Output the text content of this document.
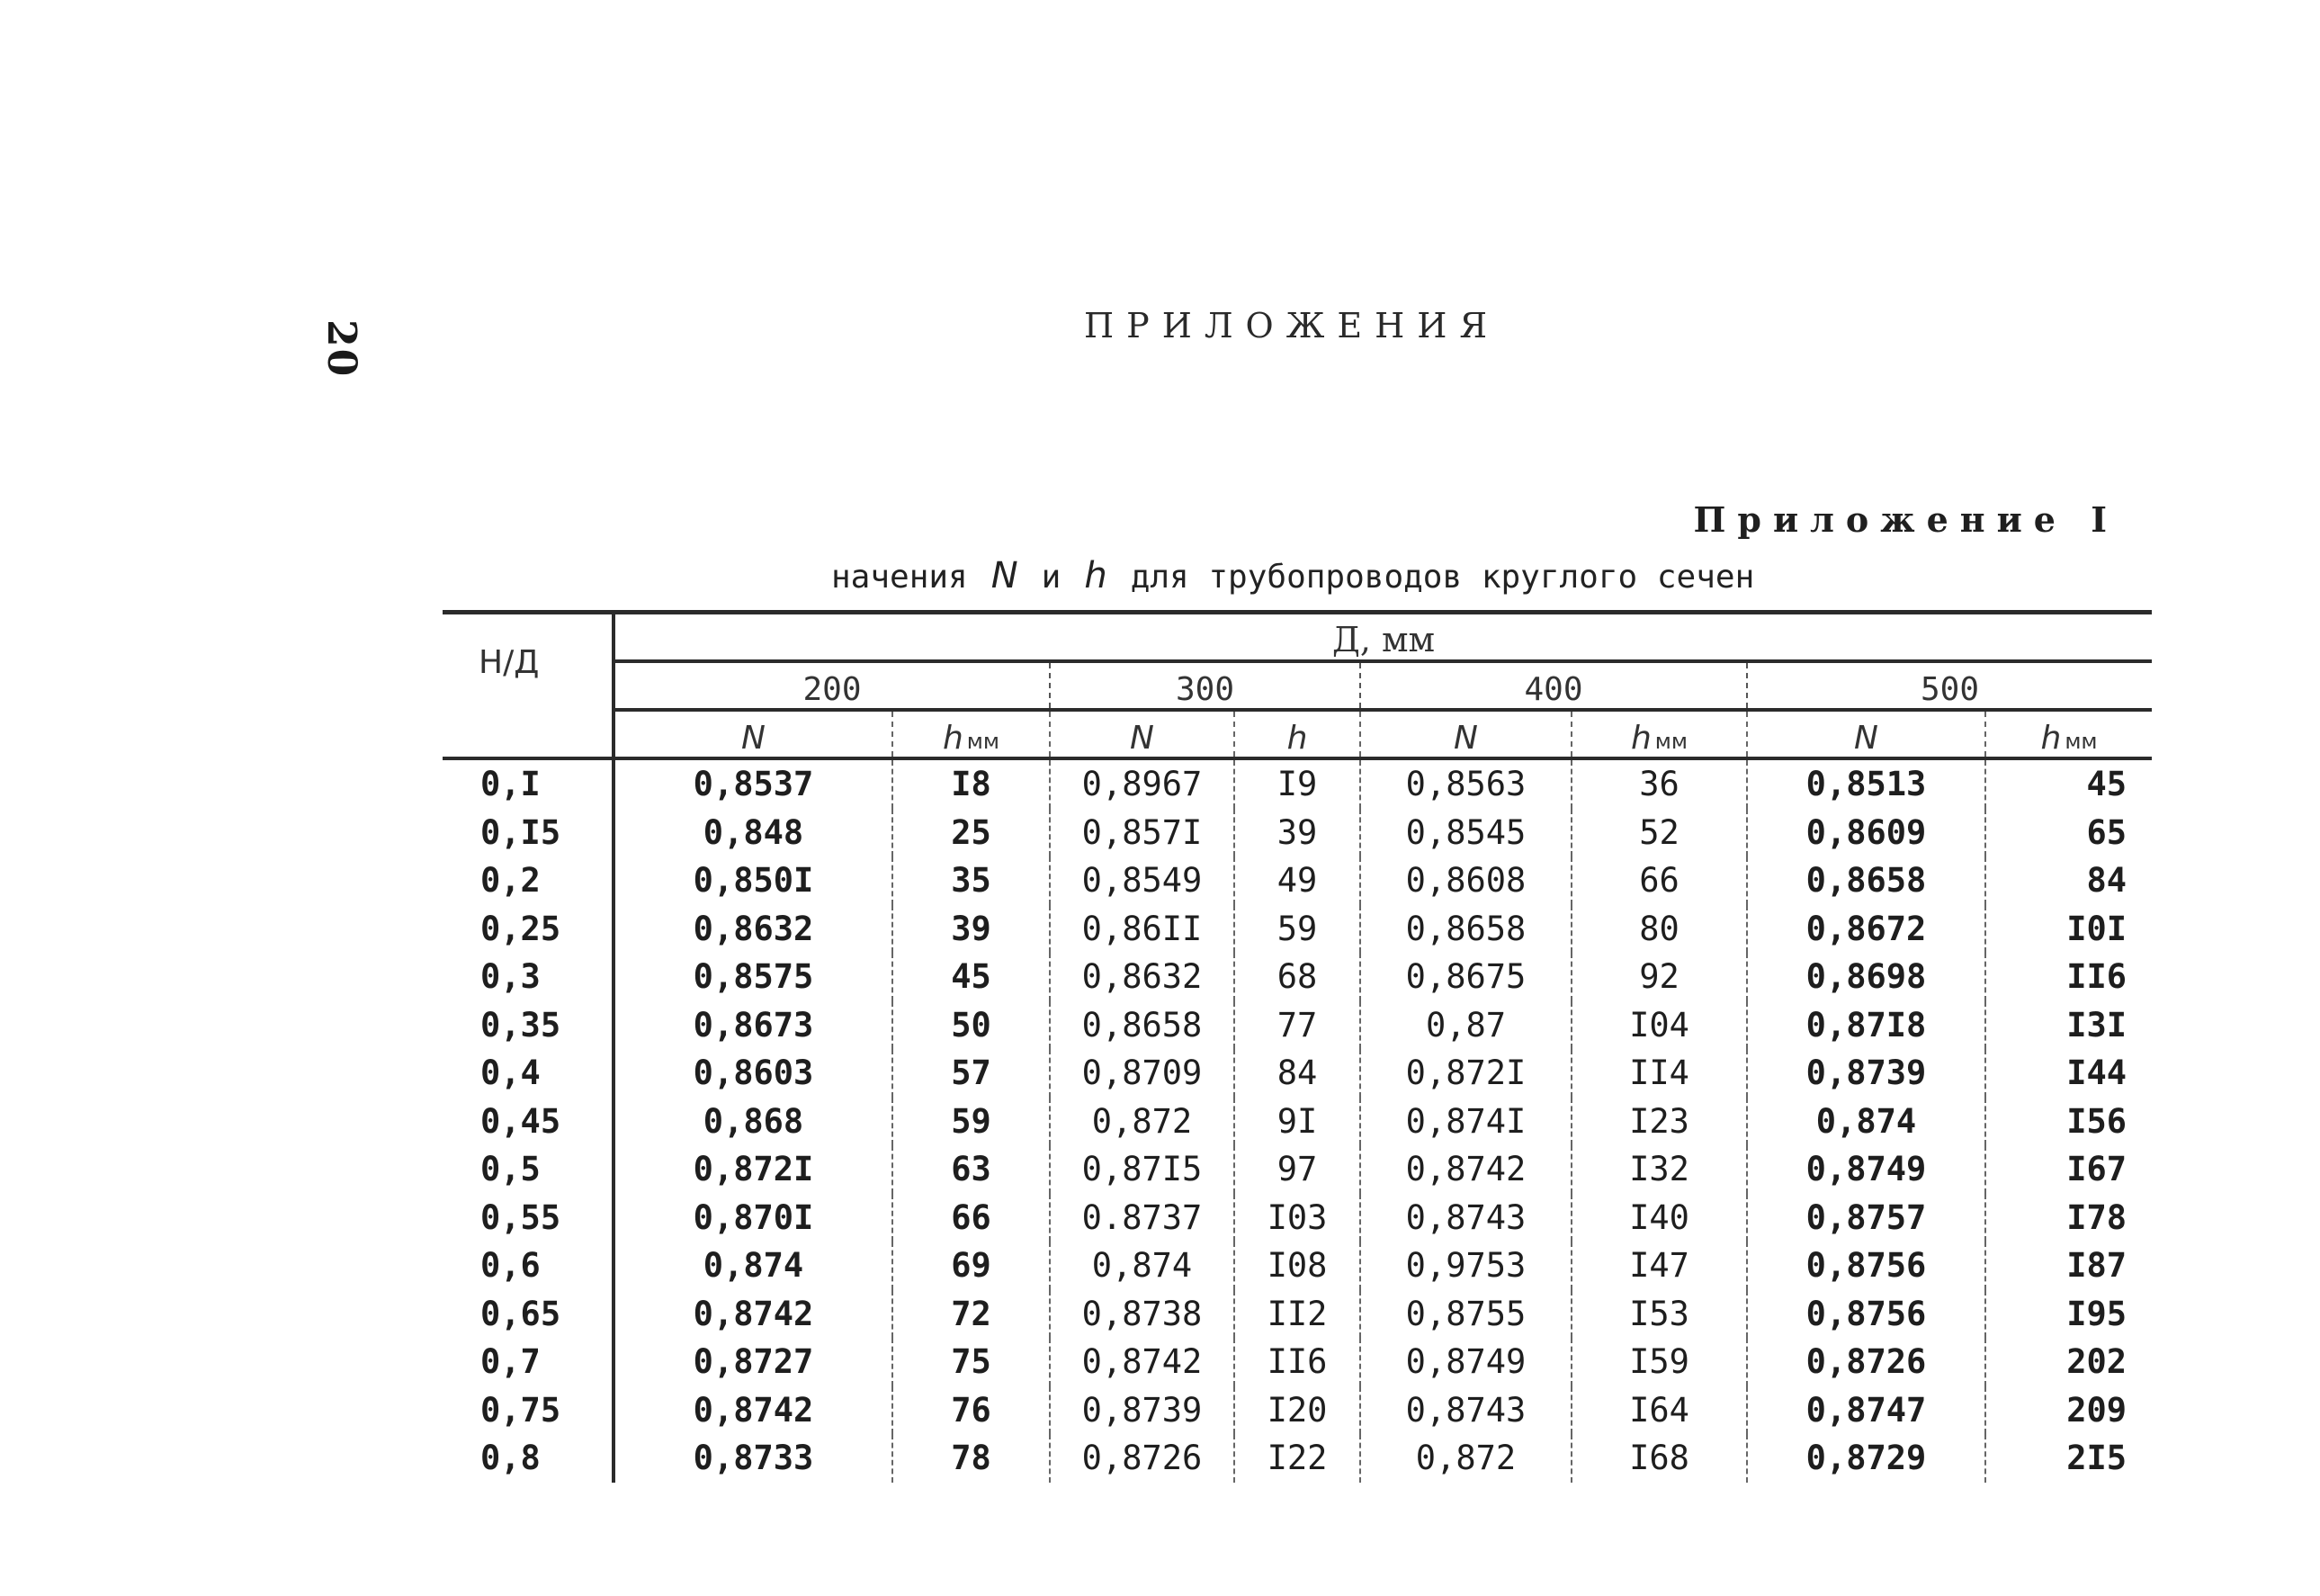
20	ПРИЛОЖЕНИЯ
Приложение I
начения N и h для трубопроводов круглого сечен
Н/Д	Д, мм							
	200		300		400		500	
	N	h мм	N	h	N	h мм	N	h мм
0,I	0,8537	I8	0,8967	I9	0,8563	36	0,8513	45
0,I5	0,848	25	0,857I	39	0,8545	52	0,8609	65
0,2	0,850I	35	0,8549	49	0,8608	66	0,8658	84
0,25	0,8632	39	0,86II	59	0,8658	80	0,8672	I0I
0,3	0,8575	45	0,8632	68	0,8675	92	0,8698	II6
0,35	0,8673	50	0,8658	77	0,87	I04	0,87I8	I3I
0,4	0,8603	57	0,8709	84	0,872I	II4	0,8739	I44
0,45	0,868	59	0,872	9I	0,874I	I23	0,874	I56
0,5	0,872I	63	0,87I5	97	0,8742	I32	0,8749	I67
0,55	0,870I	66	0.8737	I03	0,8743	I40	0,8757	I78
0,6	0,874	69	0,874	I08	0,9753	I47	0,8756	I87
0,65	0,8742	72	0,8738	II2	0,8755	I53	0,8756	I95
0,7	0,8727	75	0,8742	II6	0,8749	I59	0,8726	202
0,75	0,8742	76	0,8739	I20	0,8743	I64	0,8747	209
0,8	0,8733	78	0,8726	I22	0,872	I68	0,8729	2I5
